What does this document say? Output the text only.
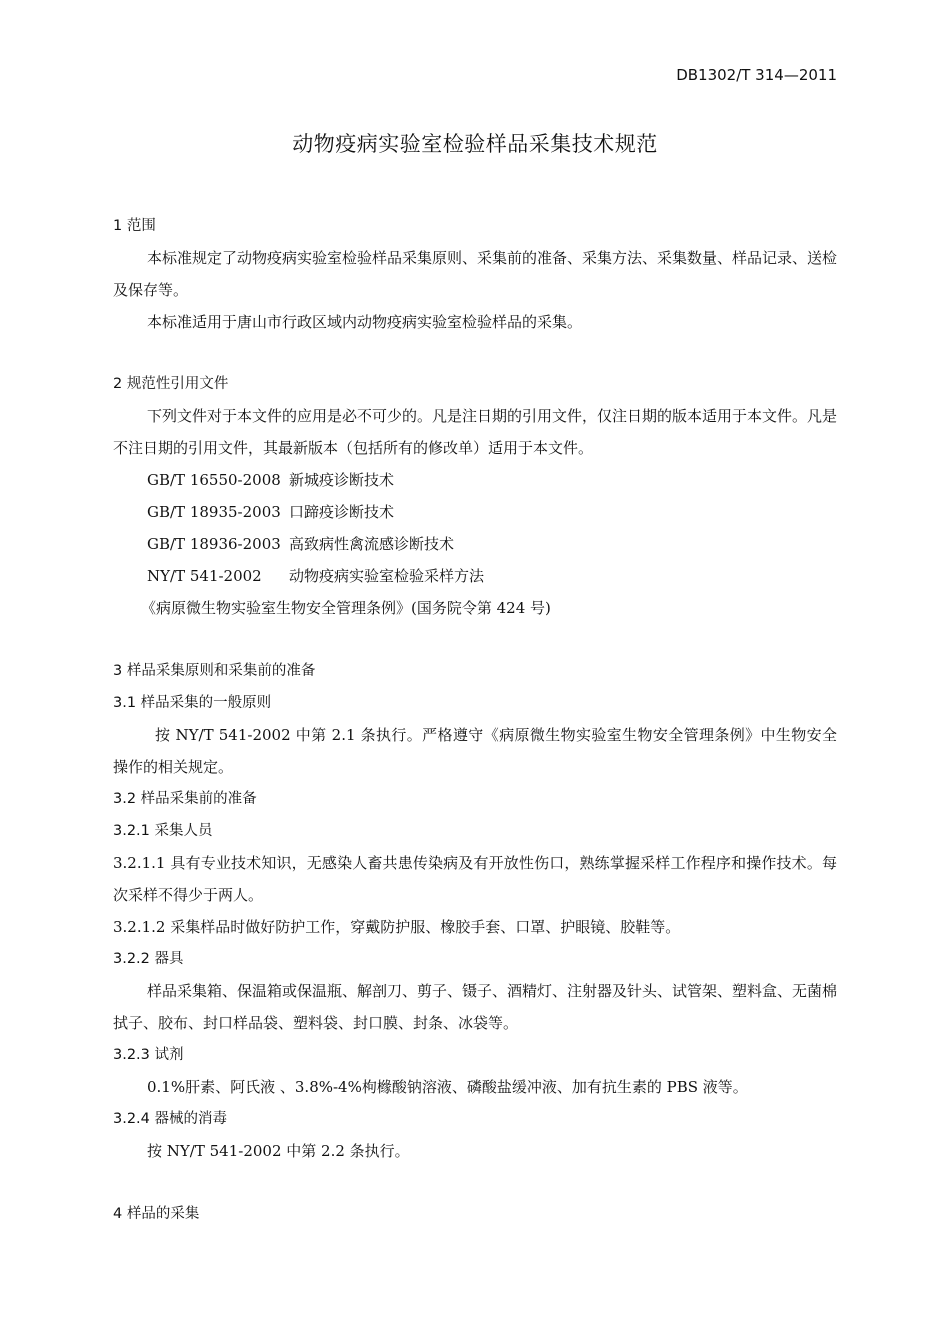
DB1302/T 314—2011
动物疫病实验室检验样品采集技术规范
1 范围
本标准规定了动物疫病实验室检验样品采集原则、采集前的准备、采集方法、采集数量、样品记录、送检及保存等。
本标准适用于唐山市行政区域内动物疫病实验室检验样品的采集。
2 规范性引用文件
下列文件对于本文件的应用是必不可少的。凡是注日期的引用文件，仅注日期的版本适用于本文件。凡是不注日期的引用文件，其最新版本（包括所有的修改单）适用于本文件。
GB/T 16550-2008 新城疫诊断技术
GB/T 18935-2003 口蹄疫诊断技术
GB/T 18936-2003 高致病性禽流感诊断技术
NY/T 541-2002	动物疫病实验室检验采样方法
《病原微生物实验室生物安全管理条例》(国务院令第 424 号)
3 样品采集原则和采集前的准备
3.1 样品采集的一般原则
按 NY/T 541-2002 中第 2.1 条执行。严格遵守《病原微生物实验室生物安全管理条例》中生物安全操作的相关规定。
3.2 样品采集前的准备
3.2.1 采集人员
3.2.1.1 具有专业技术知识，无感染人畜共患传染病及有开放性伤口，熟练掌握采样工作程序和操作技术。每次采样不得少于两人。
3.2.1.2 采集样品时做好防护工作，穿戴防护服、橡胶手套、口罩、护眼镜、胶鞋等。
3.2.2 器具
样品采集箱、保温箱或保温瓶、解剖刀、剪子、镊子、酒精灯、注射器及针头、试管架、塑料盒、无菌棉拭子、胶布、封口样品袋、塑料袋、封口膜、封条、冰袋等。
3.2.3 试剂
0.1%肝素、阿氏液 、3.8%-4%枸橼酸钠溶液、磷酸盐缓冲液、加有抗生素的 PBS 液等。
3.2.4 器械的消毒
按 NY/T 541-2002 中第 2.2 条执行。
4 样品的采集
